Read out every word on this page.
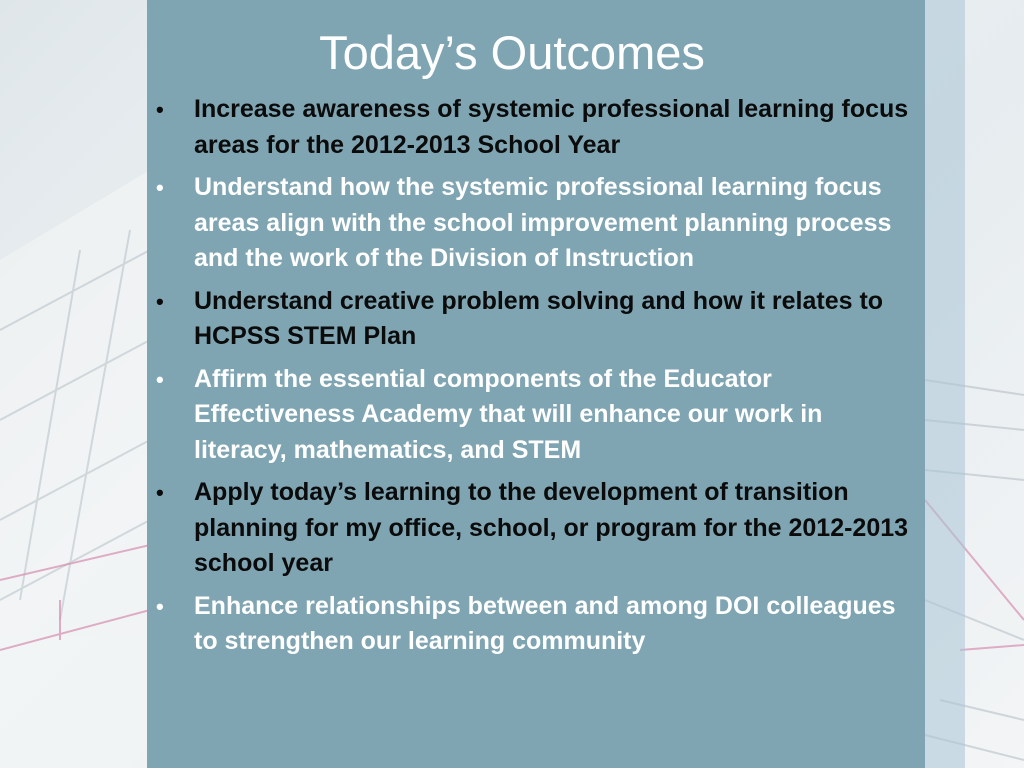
Today’s Outcomes
• Increase awareness of systemic professional learning focus areas for the 2012-2013 School Year
• Understand how the systemic professional learning focus areas align with the school improvement planning process and the work of the Division of Instruction
• Understand creative problem solving and how it relates to HCPSS STEM Plan
• Affirm the essential components of the Educator Effectiveness Academy that will enhance our work in literacy, mathematics, and STEM
• Apply today’s learning to the development of transition planning for my office, school, or program for the 2012-2013 school year
• Enhance relationships between and among DOI colleagues to strengthen our learning community
